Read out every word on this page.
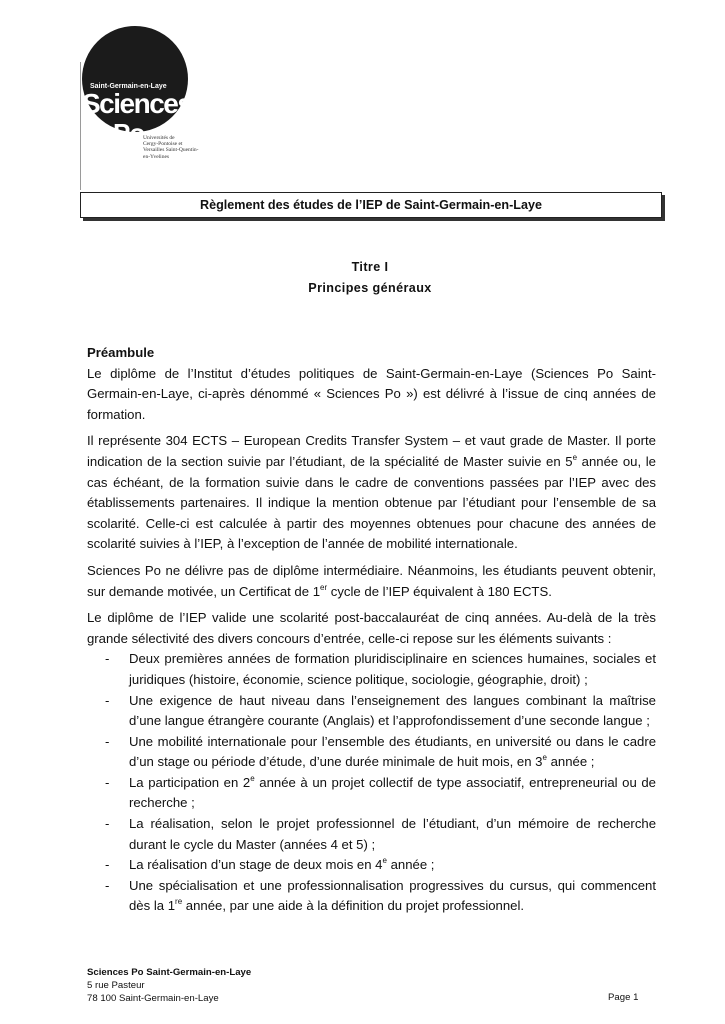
Saint-Germain-en-Laye
Sciences
Po
Universités de
Cergy-Pontoise et
Versailles Saint-Quentin-
en-Yvelines
Règlement des études de l’IEP de Saint-Germain-en-Laye
Titre I
Principes généraux
Préambule

Le diplôme de l’Institut d’études politiques de Saint-Germain-en-Laye (Sciences Po Saint-Germain-en-Laye, ci-après dénommé « Sciences Po ») est délivré à l’issue de cinq années de formation.

Il représente 304 ECTS – European Credits Transfer System – et vaut grade de Master. Il porte indication de la section suivie par l’étudiant, de la spécialité de Master suivie en 5e année ou, le cas échéant, de la formation suivie dans le cadre de conventions passées par l’IEP avec des établissements partenaires. Il indique la mention obtenue par l’étudiant pour l’ensemble de sa scolarité. Celle-ci est calculée à partir des moyennes obtenues pour chacune des années de scolarité suivies à l’IEP, à l’exception de l’année de mobilité internationale.

Sciences Po ne délivre pas de diplôme intermédiaire. Néanmoins, les étudiants peuvent obtenir, sur demande motivée, un Certificat de 1er cycle de l’IEP équivalent à 180 ECTS.

Le diplôme de l’IEP valide une scolarité post-baccalauréat de cinq années. Au-delà de la très grande sélectivité des divers concours d’entrée, celle-ci repose sur les éléments suivants :

- Deux premières années de formation pluridisciplinaire en sciences humaines, sociales et juridiques (histoire, économie, science politique, sociologie, géographie, droit) ;
- Une exigence de haut niveau dans l’enseignement des langues combinant la maîtrise d’une langue étrangère courante (Anglais) et l’approfondissement d’une seconde langue ;
- Une mobilité internationale pour l’ensemble des étudiants, en université ou dans le cadre d’un stage ou période d’étude, d’une durée minimale de huit mois, en 3e année ;
- La participation en 2e année à un projet collectif de type associatif, entrepreneurial ou de recherche ;
- La réalisation, selon le projet professionnel de l’étudiant, d’un mémoire de recherche durant le cycle du Master (années 4 et 5) ;
- La réalisation d’un stage de deux mois en 4e année ;
- Une spécialisation et une professionnalisation progressives du cursus, qui commencent dès la 1re année, par une aide à la définition du projet professionnel.
Sciences Po Saint-Germain-en-Laye
5 rue Pasteur
78 100 Saint-Germain-en-Laye	Page 1
